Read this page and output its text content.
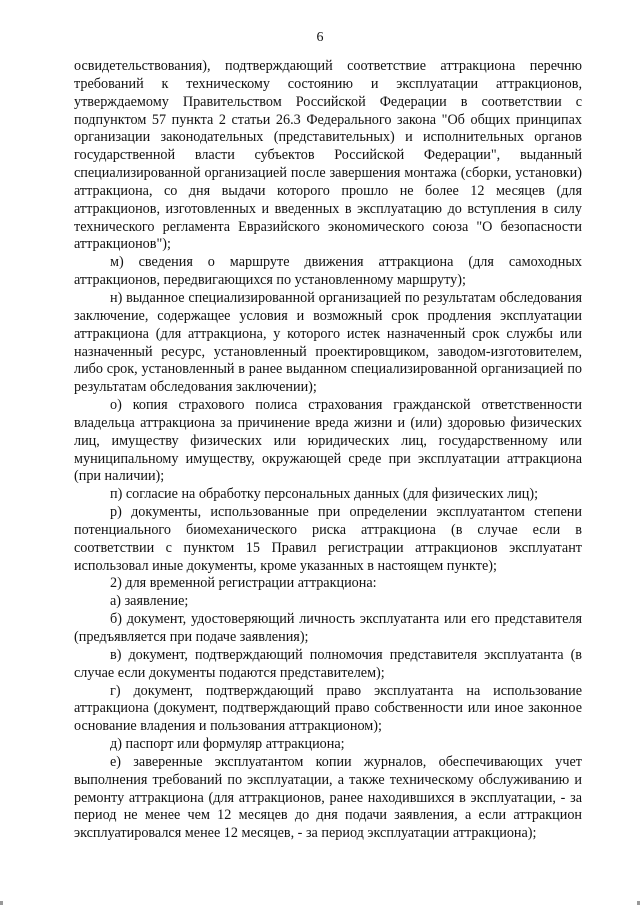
6

освидетельствования), подтверждающий соответствие аттракциона перечню требований к техническому состоянию и эксплуатации аттракционов, утверждаемому Правительством Российской Федерации в соответствии с подпунктом 57 пункта 2 статьи 26.3 Федерального закона "Об общих принципах организации законодательных (представительных) и исполнительных органов государственной власти субъектов Российской Федерации", выданный специализированной организацией после завершения монтажа (сборки, установки) аттракциона, со дня выдачи которого прошло не более 12 месяцев (для аттракционов, изготовленных и введенных в эксплуатацию до вступления в силу технического регламента Евразийского экономического союза "О безопасности аттракционов");

м) сведения о маршруте движения аттракциона (для самоходных аттракционов, передвигающихся по установленному маршруту);

н) выданное специализированной организацией по результатам обследования заключение, содержащее условия и возможный срок продления эксплуатации аттракциона (для аттракциона, у которого истек назначенный срок службы или назначенный ресурс, установленный проектировщиком, заводом-изготовителем, либо срок, установленный в ранее выданном специализированной организацией по результатам обследования заключении);

о) копия страхового полиса страхования гражданской ответственности владельца аттракциона за причинение вреда жизни и (или) здоровью физических лиц, имуществу физических или юридических лиц, государственному или муниципальному имуществу, окружающей среде при эксплуатации аттракциона (при наличии);

п) согласие на обработку персональных данных (для физических лиц);

р) документы, использованные при определении эксплуатантом степени потенциального биомеханического риска аттракциона (в случае если в соответствии с пунктом 15 Правил регистрации аттракционов эксплуатант использовал иные документы, кроме указанных в настоящем пункте);

2) для временной регистрации аттракциона:

а) заявление;

б) документ, удостоверяющий личность эксплуатанта или его представителя (предъявляется при подаче заявления);

в) документ, подтверждающий полномочия представителя эксплуатанта (в случае если документы подаются представителем);

г) документ, подтверждающий право эксплуатанта на использование аттракциона (документ, подтверждающий право собственности или иное законное основание владения и пользования аттракционом);

д) паспорт или формуляр аттракциона;

е) заверенные эксплуатантом копии журналов, обеспечивающих учет выполнения требований по эксплуатации, а также техническому обслуживанию и ремонту аттракциона (для аттракционов, ранее находившихся в эксплуатации, - за период не менее чем 12 месяцев до дня подачи заявления, а если аттракцион эксплуатировался менее 12 месяцев, - за период эксплуатации аттракциона);
